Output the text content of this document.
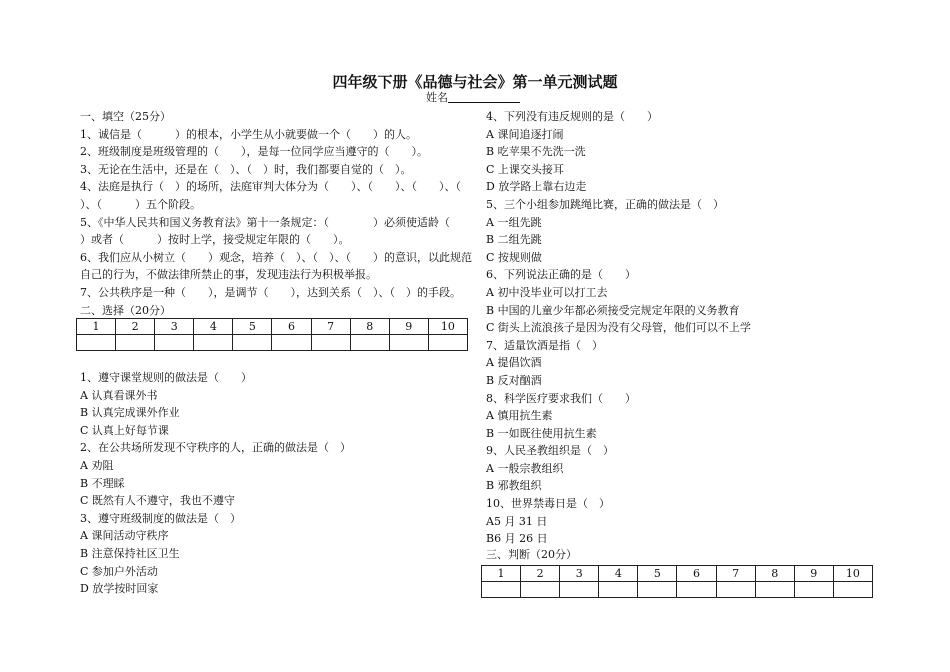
四年级下册《品德与社会》第一单元测试题
姓名
一、填空（25分）
1、诚信是（　　　）的根本，小学生从小就要做一个（　　）的人。
2、班级制度是班级管理的（　　），是每一位同学应当遵守的（　　）。
3、无论在生活中，还是在（　）、（　）时，我们都要自觉的（　）。
4、法庭是执行（　）的场所，法庭审判大体分为（　　）、（　　）、（　　）、（
）、（　　　）五个阶段。
5、《中华人民共和国义务教育法》第十一条规定：（　　　　）必须使适龄（
）或者（　　　）按时上学，接受规定年限的（　　）。
6、我们应从小树立（　　）观念，培养（　）、（　）、（　　）的意识，以此规范
自己的行为，不做法律所禁止的事，发现违法行为积极举报。
7、公共秩序是一种（　　），是调节（　　），达到关系（　）、（　）的手段。
二、选择（20分）
1	2	3	4	5	6	7	8	9	10

1、遵守课堂规则的做法是（　　）
A 认真看课外书
B 认真完成课外作业
C 认真上好每节课
2、在公共场所发现不守秩序的人，正确的做法是（　）
A 劝阻
B 不理睬
C 既然有人不遵守，我也不遵守
3、遵守班级制度的做法是（　）
A 课间活动守秩序
B 注意保持社区卫生
C 参加户外活动
D 放学按时回家
4、下列没有违反规则的是（　　）
A 课间追逐打闹
B 吃苹果不先洗一洗
C 上课交头接耳
D 放学路上靠右边走
5、三个小组参加跳绳比赛，正确的做法是（　）
A 一组先跳
B 二组先跳
C 按规则做
6、下列说法正确的是（　　）
A 初中没毕业可以打工去
B 中国的儿童少年都必须接受完规定年限的义务教育
C 街头上流浪孩子是因为没有父母管，他们可以不上学
7、适量饮酒是指（　）
A 提倡饮酒
B 反对酗酒
8、科学医疗要求我们（　　）
A 慎用抗生素
B 一如既往使用抗生素
9、人民圣教组织是（　）
A 一般宗教组织
B 邪教组织
10、世界禁毒日是（　）
A5 月 31 日
B6 月 26 日
三、判断（20分）
1	2	3	4	5	6	7	8	9	10
